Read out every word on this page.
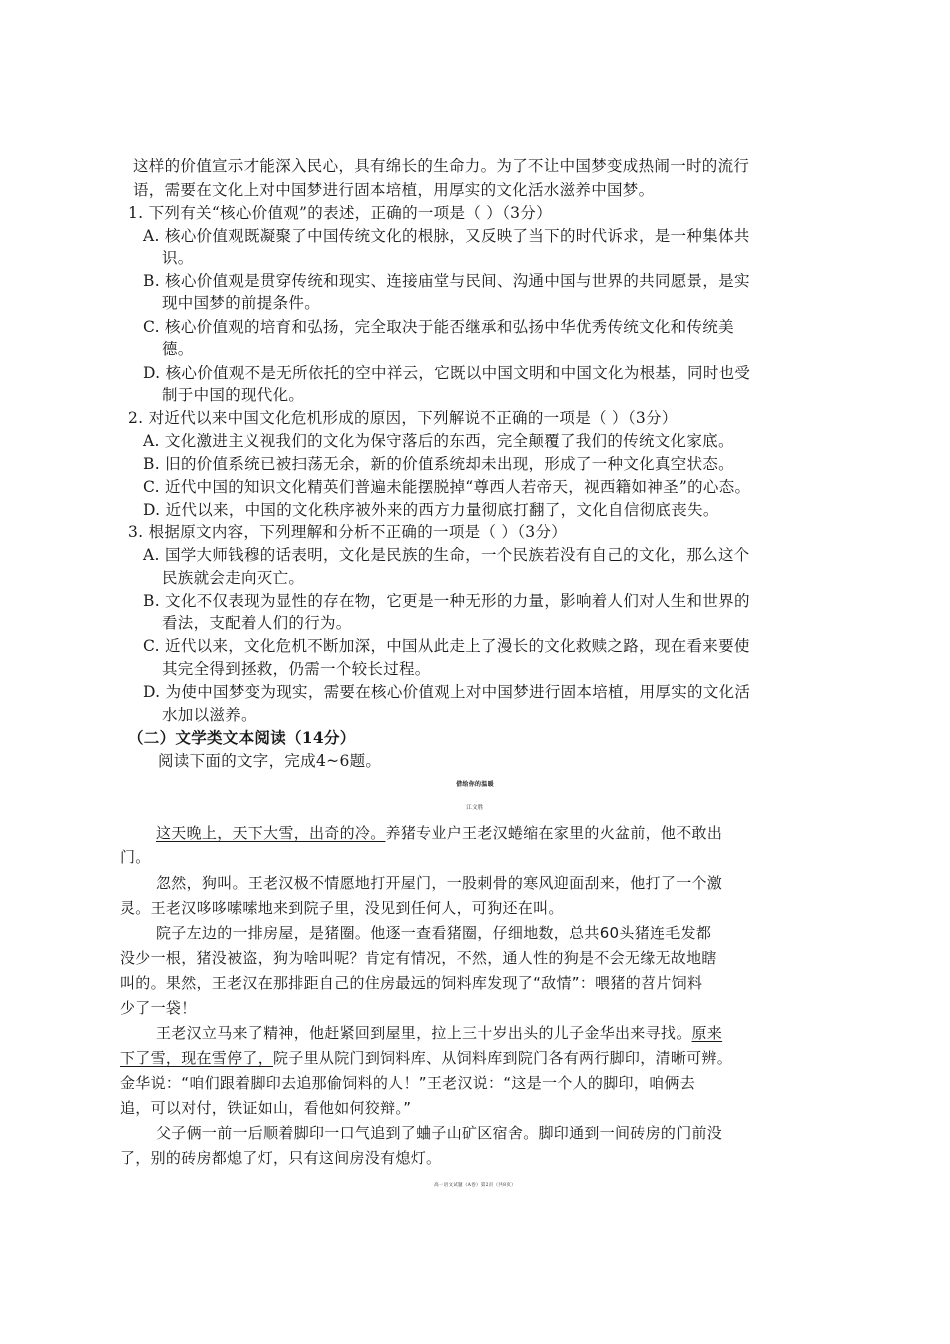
这样的价值宣示才能深入民心，具有绵长的生命力。为了不让中国梦变成热闹一时的流行
语，需要在文化上对中国梦进行固本培植，用厚实的文化活水滋养中国梦。
1. 下列有关“核心价值观”的表述，正确的一项是（ ）（3分）
A. 核心价值观既凝聚了中国传统文化的根脉，又反映了当下的时代诉求，是一种集体共
识。
B. 核心价值观是贯穿传统和现实、连接庙堂与民间、沟通中国与世界的共同愿景，是实
现中国梦的前提条件。
C. 核心价值观的培育和弘扬，完全取决于能否继承和弘扬中华优秀传统文化和传统美
德。
D. 核心价值观不是无所依托的空中祥云，它既以中国文明和中国文化为根基，同时也受
制于中国的现代化。
2. 对近代以来中国文化危机形成的原因，下列解说不正确的一项是（ ）（3分）
A. 文化激进主义视我们的文化为保守落后的东西，完全颠覆了我们的传统文化家底。
B. 旧的价值系统已被扫荡无余，新的价值系统却未出现，形成了一种文化真空状态。
C. 近代中国的知识文化精英们普遍未能摆脱掉“尊西人若帝天，视西籍如神圣”的心态。
D. 近代以来，中国的文化秩序被外来的西方力量彻底打翻了，文化自信彻底丧失。
3. 根据原文内容，下列理解和分析不正确的一项是（ ）（3分）
A. 国学大师钱穆的话表明，文化是民族的生命，一个民族若没有自己的文化，那么这个
民族就会走向灭亡。
B. 文化不仅表现为显性的存在物，它更是一种无形的力量，影响着人们对人生和世界的
看法，支配着人们的行为。
C. 近代以来，文化危机不断加深，中国从此走上了漫长的文化救赎之路，现在看来要使
其完全得到拯救，仍需一个较长过程。
D. 为使中国梦变为现实，需要在核心价值观上对中国梦进行固本培植，用厚实的文化活
水加以滋养。
（二）文学类文本阅读（14分）
阅读下面的文字，完成4~6题。
借给你的温暖
江文胜
这天晚上，天下大雪，出奇的冷。养猪专业户王老汉蜷缩在家里的火盆前，他不敢出
门。
忽然，狗叫。王老汉极不情愿地打开屋门，一股刺骨的寒风迎面刮来，他打了一个激
灵。王老汉哆哆嗦嗦地来到院子里，没见到任何人，可狗还在叫。
院子左边的一排房屋，是猪圈。他逐一查看猪圈，仔细地数，总共60头猪连毛发都
没少一根，猪没被盗，狗为啥叫呢？肯定有情况，不然，通人性的狗是不会无缘无故地瞎
叫的。果然，王老汉在那排距自己的住房最远的饲料库发现了“敌情”：喂猪的苕片饲料
少了一袋！
王老汉立马来了精神，他赶紧回到屋里，拉上三十岁出头的儿子金华出来寻找。原来
下了雪，现在雪停了，院子里从院门到饲料库、从饲料库到院门各有两行脚印，清晰可辨。
金华说：“咱们跟着脚印去追那偷饲料的人！”王老汉说：“这是一个人的脚印，咱俩去
追，可以对付，铁证如山，看他如何狡辩。”
父子俩一前一后顺着脚印一口气追到了蛐子山矿区宿舍。脚印通到一间砖房的门前没
了，别的砖房都熄了灯，只有这间房没有熄灯。
高一语文试题（A卷）第2页（共8页）
